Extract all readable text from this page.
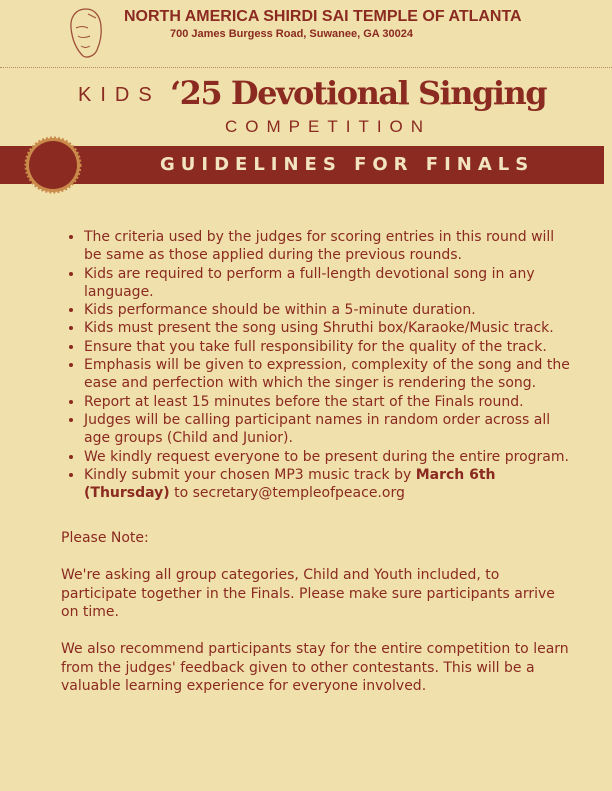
NORTH AMERICA SHIRDI SAI TEMPLE OF ATLANTA
700 James Burgess Road, Suwanee, GA 30024
KIDS ‘25 Devotional Singing
COMPETITION
GUIDELINES FOR FINALS
• The criteria used by the judges for scoring entries in this round will be same as those applied during the previous rounds.
• Kids are required to perform a full-length devotional song in any language.
• Kids performance should be within a 5-minute duration.
• Kids must present the song using Shruthi box/Karaoke/Music track.
• Ensure that you take full responsibility for the quality of the track.
• Emphasis will be given to expression, complexity of the song and the ease and perfection with which the singer is rendering the song.
• Report at least 15 minutes before the start of the Finals round.
• Judges will be calling participant names in random order across all age groups (Child and Junior).
• We kindly request everyone to be present during the entire program.
• Kindly submit your chosen MP3 music track by March 6th (Thursday) to secretary@templeofpeace.org

Please Note:

We're asking all group categories, Child and Youth included, to participate together in the Finals. Please make sure participants arrive on time.

We also recommend participants stay for the entire competition to learn from the judges' feedback given to other contestants. This will be a valuable learning experience for everyone involved.
